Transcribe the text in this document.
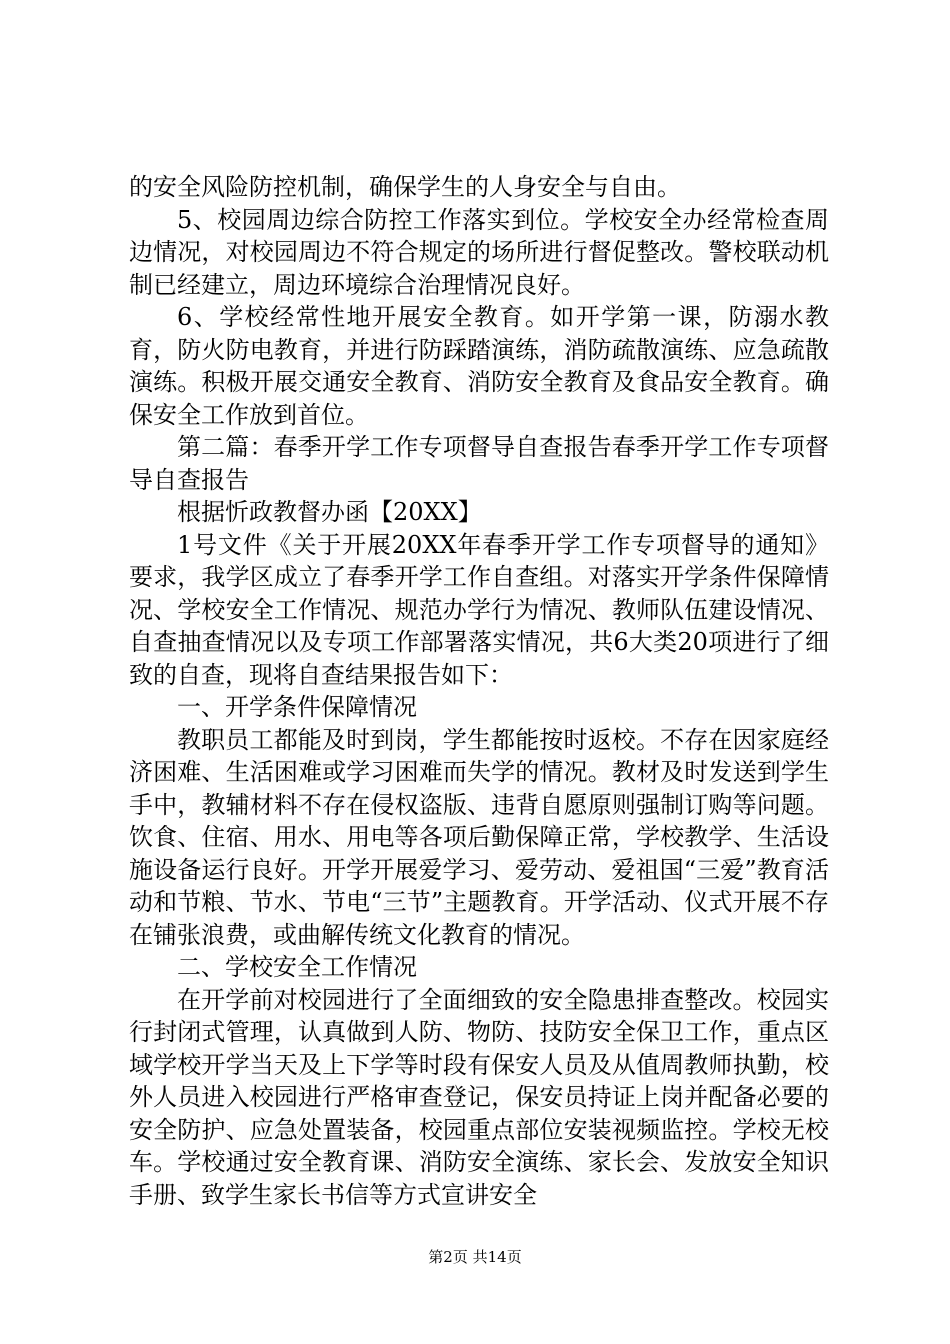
的安全风险防控机制，确保学生的人身安全与自由。

5、校园周边综合防控工作落实到位。学校安全办经常检查周边情况，对校园周边不符合规定的场所进行督促整改。警校联动机制已经建立，周边环境综合治理情况良好。

6、学校经常性地开展安全教育。如开学第一课，防溺水教育，防火防电教育，并进行防踩踏演练，消防疏散演练、应急疏散演练。积极开展交通安全教育、消防安全教育及食品安全教育。确保安全工作放到首位。

第二篇：春季开学工作专项督导自查报告春季开学工作专项督导自查报告

根据忻政教督办函【20XX】

1号文件《关于开展20XX年春季开学工作专项督导的通知》要求，我学区成立了春季开学工作自查组。对落实开学条件保障情况、学校安全工作情况、规范办学行为情况、教师队伍建设情况、自查抽查情况以及专项工作部署落实情况，共6大类20项进行了细致的自查，现将自查结果报告如下：

一、开学条件保障情况

教职员工都能及时到岗，学生都能按时返校。不存在因家庭经济困难、生活困难或学习困难而失学的情况。教材及时发送到学生手中，教辅材料不存在侵权盗版、违背自愿原则强制订购等问题。饮食、住宿、用水、用电等各项后勤保障正常，学校教学、生活设施设备运行良好。开学开展爱学习、爱劳动、爱祖国“三爱”教育活动和节粮、节水、节电“三节”主题教育。开学活动、仪式开展不存在铺张浪费，或曲解传统文化教育的情况。

二、学校安全工作情况

在开学前对校园进行了全面细致的安全隐患排查整改。校园实行封闭式管理，认真做到人防、物防、技防安全保卫工作，重点区域学校开学当天及上下学等时段有保安人员及从值周教师执勤，校外人员进入校园进行严格审查登记，保安员持证上岗并配备必要的安全防护、应急处置装备，校园重点部位安装视频监控。学校无校车。学校通过安全教育课、消防安全演练、家长会、发放安全知识手册、致学生家长书信等方式宣讲安全

第2页 共14页
